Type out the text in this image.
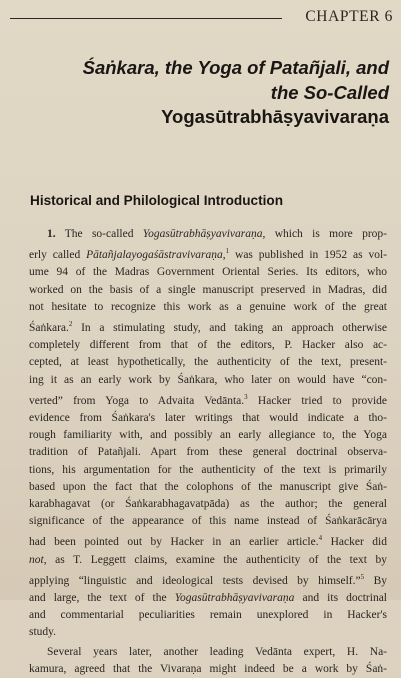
CHAPTER 6
Śaṅkara, the Yoga of Patañjali, and
the So-Called
Yogasūtrabhāṣyavivaraṇa
Historical and Philological Introduction
1. The so-called Yogasūtrabhāṣyavivaraṇa, which is more prop-
erly called Pātañjalayogaśāstravivaraṇa,$^1$ was published in 1952 as vol-
ume 94 of the Madras Government Oriental Series. Its editors, who
worked on the basis of a single manuscript preserved in Madras, did
not hesitate to recognize this work as a genuine work of the great
Śaṅkara.$^2$ In a stimulating study, and taking an approach otherwise
completely different from that of the editors, P. Hacker also ac-
cepted, at least hypothetically, the authenticity of the text, present-
ing it as an early work by Śaṅkara, who later on would have “con-
verted” from Yoga to Advaita Vedānta.$^3$ Hacker tried to provide
evidence from Śaṅkara's later writings that would indicate a tho-
rough familiarity with, and possibly an early allegiance to, the Yoga
tradition of Patañjali. Apart from these general doctrinal observa-
tions, his argumentation for the authenticity of the text is primarily
based upon the fact that the colophons of the manuscript give Śaṅ-
karabhagavat (or Śaṅkarabhagavatpāda) as the author; the general
significance of the appearance of this name instead of Śaṅkarācārya
had been pointed out by Hacker in an earlier article.$^4$ Hacker did
not, as T. Leggett claims, examine the authenticity of the text by
applying “linguistic and ideological tests devised by himself.”$^5$ By
and large, the text of the Yogasūtrabhāṣyavivaraṇa and its doctrinal
and commentarial peculiarities remain unexplored in Hacker's
study.
Several years later, another leading Vedānta expert, H. Na-
kamura, agreed that the Vivaraṇa might indeed be a work by Śaṅ-
